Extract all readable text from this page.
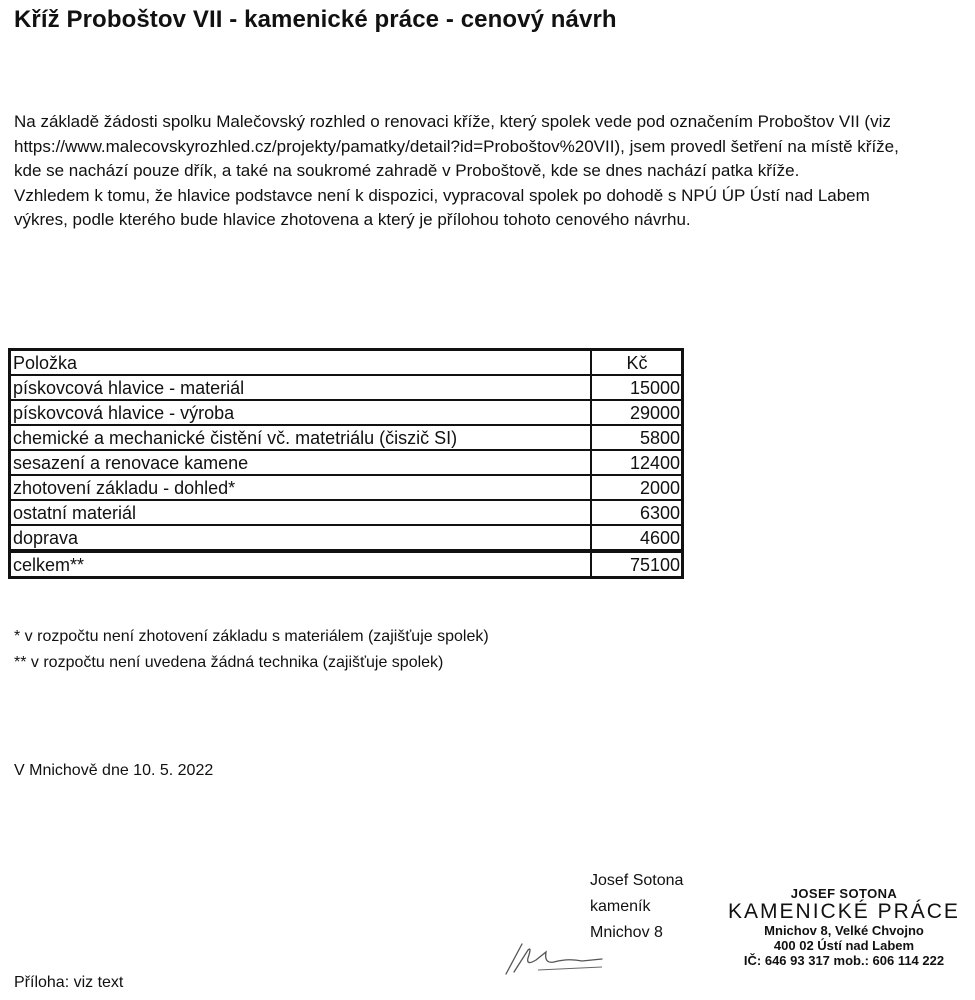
Kříž Proboštov VII - kamenické práce - cenový návrh

Na základě žádosti spolku Malečovský rozhled o renovaci kříže, který spolek vede pod označením Proboštov VII (viz https://www.malecovskyrozhled.cz/projekty/pamatky/detail?id=Proboštov%20VII), jsem provedl šetření na místě kříže, kde se nachází pouze dřík, a také na soukromé zahradě v Proboštově, kde se dnes nachází patka kříže.

Vzhledem k tomu, že hlavice podstavce není k dispozici, vypracoval spolek po dohodě s NPÚ ÚP Ústí nad Labem výkres, podle kterého bude hlavice zhotovena a který je přílohou tohoto cenového návrhu.

Položka	Kč
pískovcová hlavice - materiál	15000
pískovcová hlavice - výroba	29000
chemické a mechanické čistění vč. matetriálu (čiszič SI)	5800
sesazení a renovace kamene	12400
zhotovení základu - dohled*	2000
ostatní materiál	6300
doprava	4600
celkem**	75100
* v rozpočtu není zhotovení základu s materiálem (zajišťuje spolek)
** v rozpočtu není uvedena žádná technika (zajišťuje spolek)
V Mnichově dne 10. 5. 2022
Josef Sotona
kameník
Mnichov 8
JOSEF SOTONA
KAMENICKÉ PRÁCE
Mnichov 8, Velké Chvojno
400 02 Ústí nad Labem
IČ: 646 93 317 mob.: 606 114 222
Příloha: viz text
